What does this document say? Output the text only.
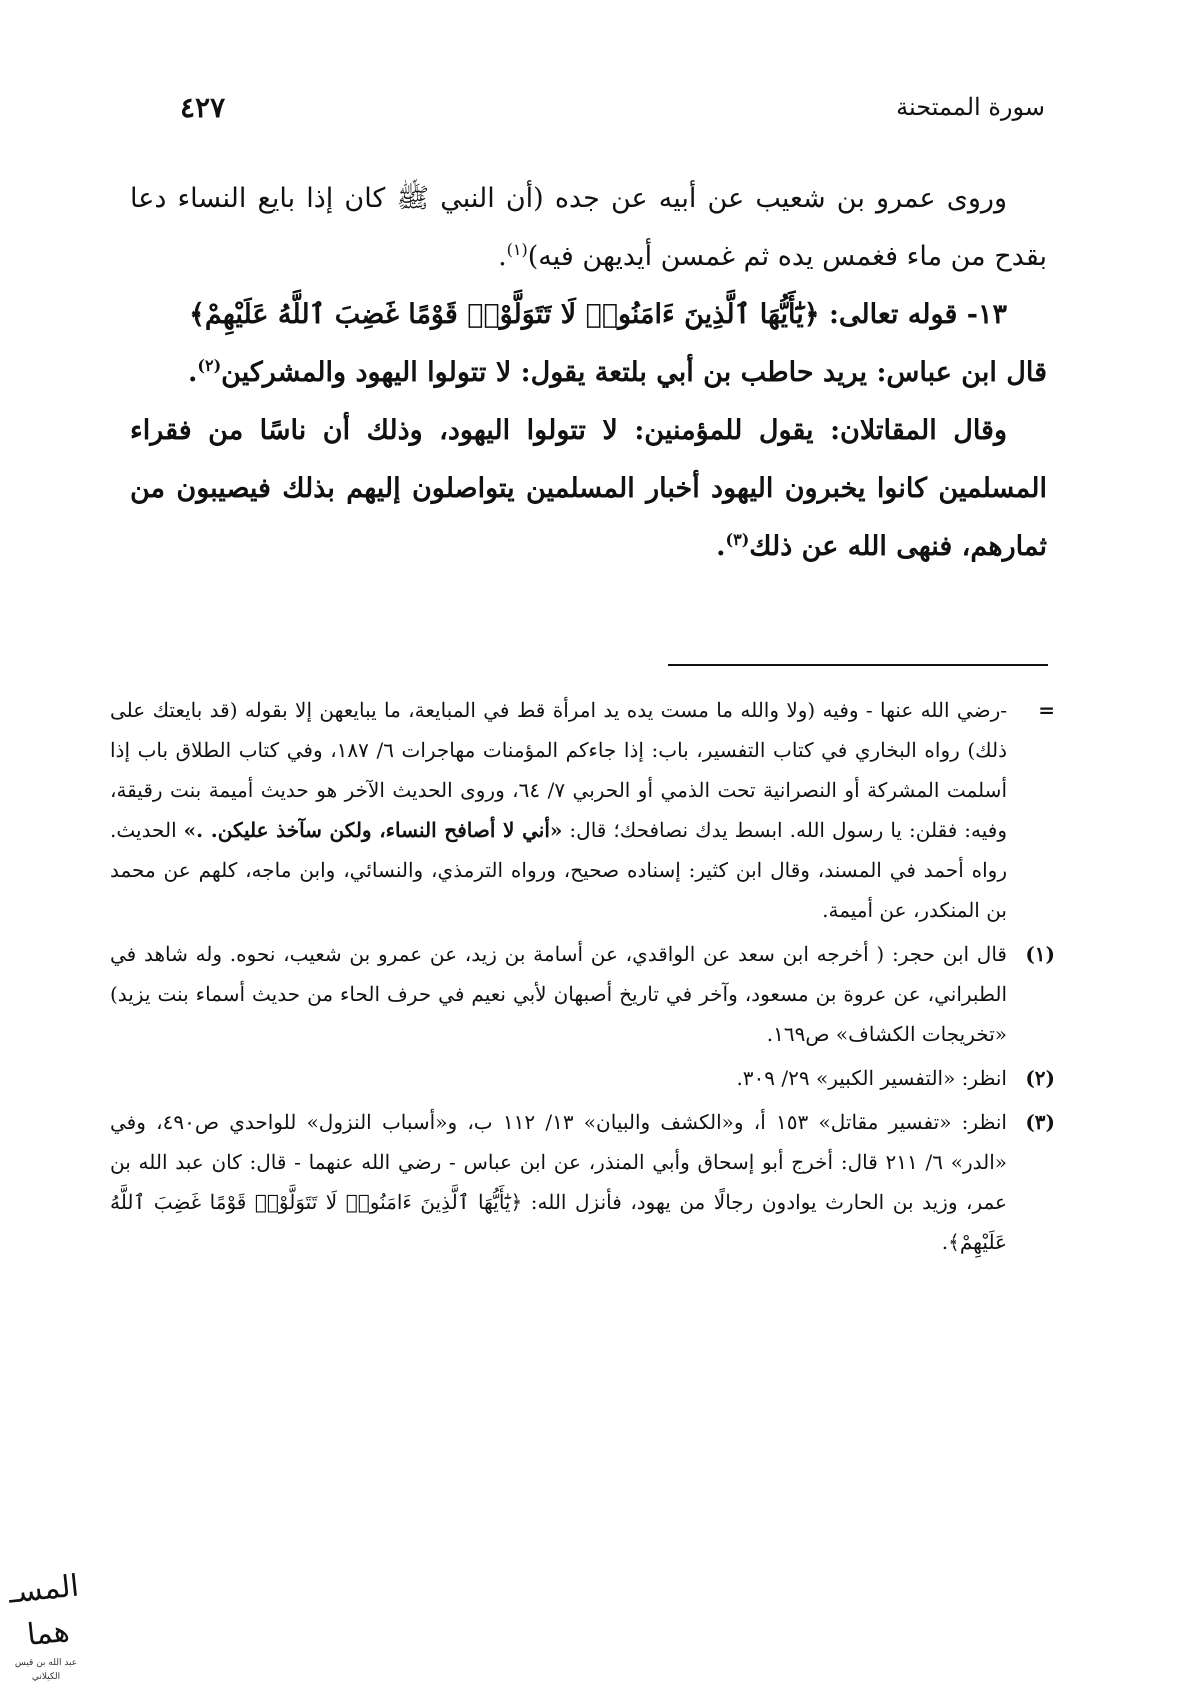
٤٢٧	سورة الممتحنة

وروى عمرو بن شعيب عن أبيه عن جده (أن النبي ﷺ كان إذا بايع النساء دعا بقدح من ماء فغمس يده ثم غمسن أيديهن فيه)$^{(١)}$.

١٣- قوله تعالى: ﴿يَٰٓأَيُّهَا ٱلَّذِينَ ءَامَنُوا۟ لَا تَتَوَلَّوْا۟ قَوْمًا غَضِبَ ٱللَّهُ عَلَيْهِمْ﴾

قال ابن عباس: يريد حاطب بن أبي بلتعة يقول: لا تتولوا اليهود والمشركين$^{(٢)}$.

وقال المقاتلان: يقول للمؤمنين: لا تتولوا اليهود، وذلك أن ناسًا من فقراء المسلمين كانوا يخبرون اليهود أخبار المسلمين يتواصلون إليهم بذلك فيصيبون من ثمارهم، فنهى الله عن ذلك$^{(٣)}$.

=
-رضي الله عنها - وفيه (ولا والله ما مست يده يد امرأة قط في المبايعة، ما يبايعهن إلا بقوله (قد بايعتك على ذلك) رواه البخاري في كتاب التفسير، باب: إذا جاءكم المؤمنات مهاجرات ٦/ ١٨٧، وفي كتاب الطلاق باب إذا أسلمت المشركة أو النصرانية تحت الذمي أو الحربي ٧/ ٦٤، وروى الحديث الآخر هو حديث أميمة بنت رقيقة، وفيه: فقلن: يا رسول الله. ابسط يدك نصافحك؛ قال: «أني لا أصافح النساء، ولكن سآخذ عليكن. .» الحديث. رواه أحمد في المسند، وقال ابن كثير: إسناده صحيح، ورواه الترمذي، والنسائي، وابن ماجه، كلهم عن محمد بن المنكدر، عن أميمة.
(١)
قال ابن حجر: ( أخرجه ابن سعد عن الواقدي، عن أسامة بن زيد، عن عمرو بن شعيب، نحوه. وله شاهد في الطبراني، عن عروة بن مسعود، وآخر في تاريخ أصبهان لأبي نعيم في حرف الحاء من حديث أسماء بنت يزيد) «تخريجات الكشاف» ص١٦٩.
(٢)
انظر: «التفسير الكبير» ٢٩/ ٣٠٩.
(٣)
انظر: «تفسير مقاتل» ١٥٣ أ، و«الكشف والبيان» ١٣/ ١١٢ ب، و«أسباب النزول» للواحدي ص٤٩٠، وفي «الدر» ٦/ ٢١١ قال: أخرج أبو إسحاق وأبي المنذر، عن ابن عباس - رضي الله عنهما - قال: كان عبد الله بن عمر، وزيد بن الحارث يوادون رجالًا من يهود، فأنزل الله: ﴿يَٰٓأَيُّهَا ٱلَّذِينَ ءَامَنُوا۟ لَا تَتَوَلَّوْا۟ قَوْمًا غَضِبَ ٱللَّهُ عَلَيْهِمْ﴾.
المسـ هما
عبد الله بن قيس الكيلاني
